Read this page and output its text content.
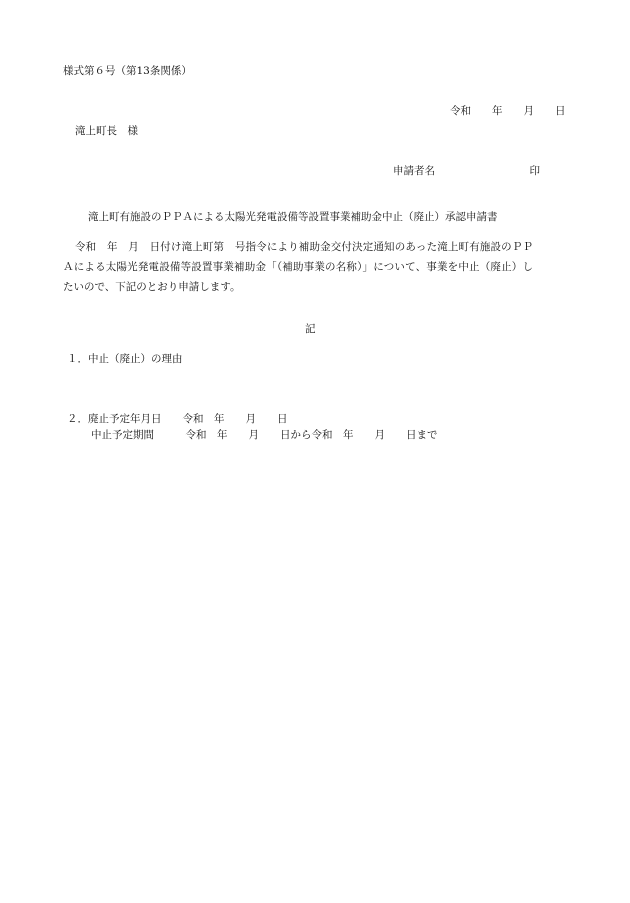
様式第６号（第13条関係）
令和　　年　　月　　日
滝上町長　様
申請者名　　　　　　　　　印
滝上町有施設のＰＰＡによる太陽光発電設備等設置事業補助金中止（廃止）承認申請書
令和　年　月　日付け滝上町第　号指令により補助金交付決定通知のあった滝上町有施設のＰＰＡによる太陽光発電設備等設置事業補助金「（補助事業の名称）」について、事業を中止（廃止）したいので、下記のとおり申請します。
記
１．中止（廃止）の理由
２．廃止予定年月日　　令和　年　　月　　日
中止予定期間　　　令和　年　　月　　日から令和　年　　月　　日まで
